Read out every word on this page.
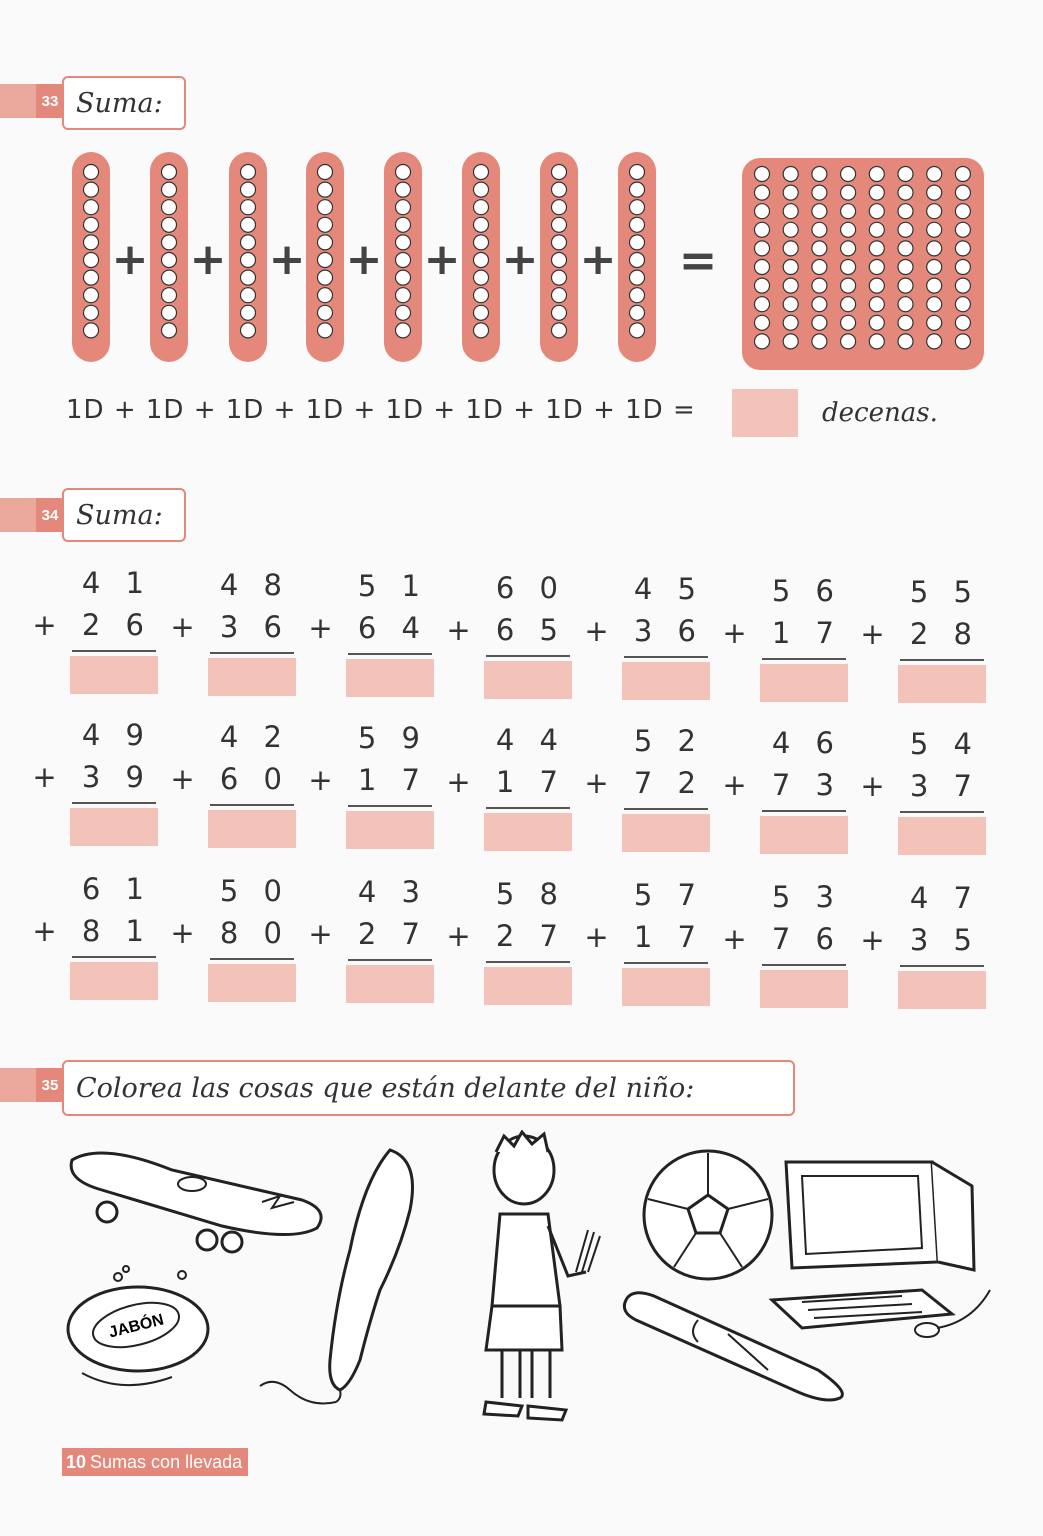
33 Suma:
+ + + + + + + =
1D + 1D + 1D + 1D + 1D + 1D + 1D + 1D =	decenas.
34 Suma:
4 1
+ 2 6
4 8
+ 3 6
5 1
+ 6 4
6 0
+ 6 5
4 5
+ 3 6
5 6
+ 1 7
5 5
+ 2 8
4 9
+ 3 9
4 2
+ 6 0
5 9
+ 1 7
4 4
+ 1 7
5 2
+ 7 2
4 6
+ 7 3
5 4
+ 3 7
6 1
+ 8 1
5 0
+ 8 0
4 3
+ 2 7
5 8
+ 2 7
5 7
+ 1 7
5 3
+ 7 6
4 7
+ 3 5
35 Colorea las cosas que están delante del niño:
JABÓN
10 Sumas con llevada
